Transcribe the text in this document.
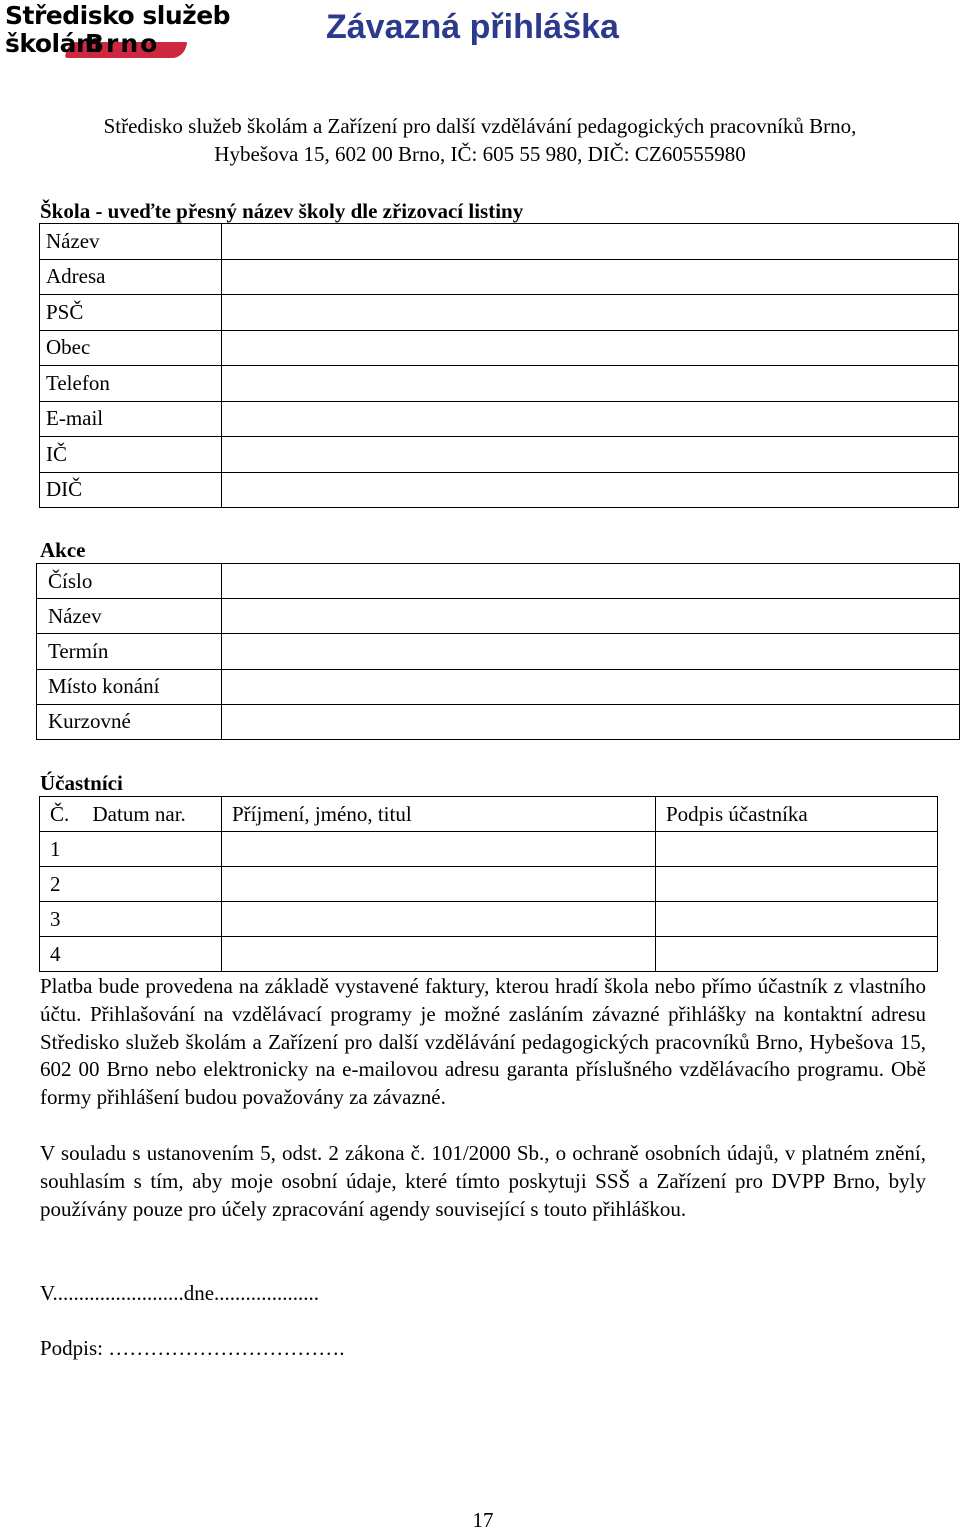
Středisko služeb
školám
Brno	Závazná přihláška
Středisko služeb školám a Zařízení pro další vzdělávání pedagogických pracovníků Brno,
Hybešova 15, 602 00 Brno, IČ: 605 55 980, DIČ: CZ60555980
Škola - uveďte přesný název školy dle zřizovací listiny
Název	
Adresa	
PSČ	
Obec	
Telefon	
E-mail	
IČ	
DIČ	
Akce
Číslo	
Název	
Termín	
Místo konání	
Kurzovné	
Účastníci
Č.	Datum nar.	Příjmení, jméno, titul	Podpis účastníka
1			
2			
3			
4			
Platba bude provedena na základě vystavené faktury, kterou hradí škola nebo přímo účastník z vlastního účtu. Přihlašování na vzdělávací programy je možné zasláním závazné přihlášky na kontaktní adresu Středisko služeb školám a Zařízení pro další vzdělávání pedagogických pracovníků Brno, Hybešova 15, 602 00 Brno nebo elektronicky na e-mailovou adresu garanta příslušného vzdělávacího programu. Obě formy přihlášení budou považovány za závazné.
V souladu s ustanovením 5, odst. 2 zákona č. 101/2000 Sb., o ochraně osobních údajů, v platném znění, souhlasím s tím, aby moje osobní údaje, které tímto poskytuji SSŠ a Zařízení pro DVPP Brno, byly používány pouze pro účely zpracování agendy související s touto přihláškou.
V.........................dne....................
Podpis: …………………………….
17
